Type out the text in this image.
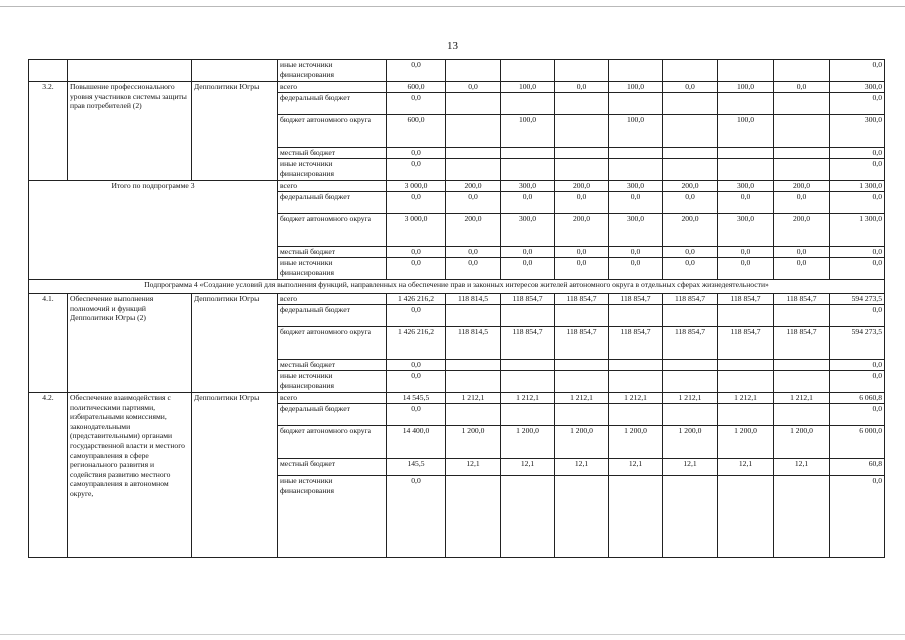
13
			иные источники финансирования	0,0								0,0
3.2.	Повышение профессионального уровня участников системы защиты прав потребителей (2)	Депполитики Югры	всего	600,0	0,0	100,0	0,0	100,0	0,0	100,0	0,0	300,0
			федеральный бюджет	0,0								0,0
			бюджет автономного округа	600,0		100,0		100,0		100,0		300,0
			местный бюджет	0,0								0,0
			иные источники финансирования	0,0								0,0
Итого по подпрограмме 3			всего	3 000,0	200,0	300,0	200,0	300,0	200,0	300,0	200,0	1 300,0
			федеральный бюджет	0,0	0,0	0,0	0,0	0,0	0,0	0,0	0,0	0,0
			бюджет автономного округа	3 000,0	200,0	300,0	200,0	300,0	200,0	300,0	200,0	1 300,0
			местный бюджет	0,0	0,0	0,0	0,0	0,0	0,0	0,0	0,0	0,0
			иные источники финансирования	0,0	0,0	0,0	0,0	0,0	0,0	0,0	0,0	0,0
Подпрограмма 4 «Создание условий для выполнения функций, направленных на обеспечение прав и законных интересов жителей автономного округа в отдельных сферах жизнедеятельности»												
4.1.	Обеспечение выполнения полномочий и функций Депполитики Югры (2)	Депполитики Югры	всего	1 426 216,2	118 814,5	118 854,7	118 854,7	118 854,7	118 854,7	118 854,7	118 854,7	594 273,5
			федеральный бюджет	0,0								0,0
			бюджет автономного округа	1 426 216,2	118 814,5	118 854,7	118 854,7	118 854,7	118 854,7	118 854,7	118 854,7	594 273,5
			местный бюджет	0,0								0,0
			иные источники финансирования	0,0								0,0
4.2.	Обеспечение взаимодействия с политическими партиями, избирательными комиссиями, законодательными (представительными) органами государственной власти и местного самоуправления в сфере регионального развития и содействия развитию местного самоуправления в автономном округе,	Депполитики Югры	всего	14 545,5	1 212,1	1 212,1	1 212,1	1 212,1	1 212,1	1 212,1	1 212,1	6 060,8
			федеральный бюджет	0,0								0,0
			бюджет автономного округа	14 400,0	1 200,0	1 200,0	1 200,0	1 200,0	1 200,0	1 200,0	1 200,0	6 000,0
			местный бюджет	145,5	12,1	12,1	12,1	12,1	12,1	12,1	12,1	60,8
			иные источники финансирования	0,0								0,0
